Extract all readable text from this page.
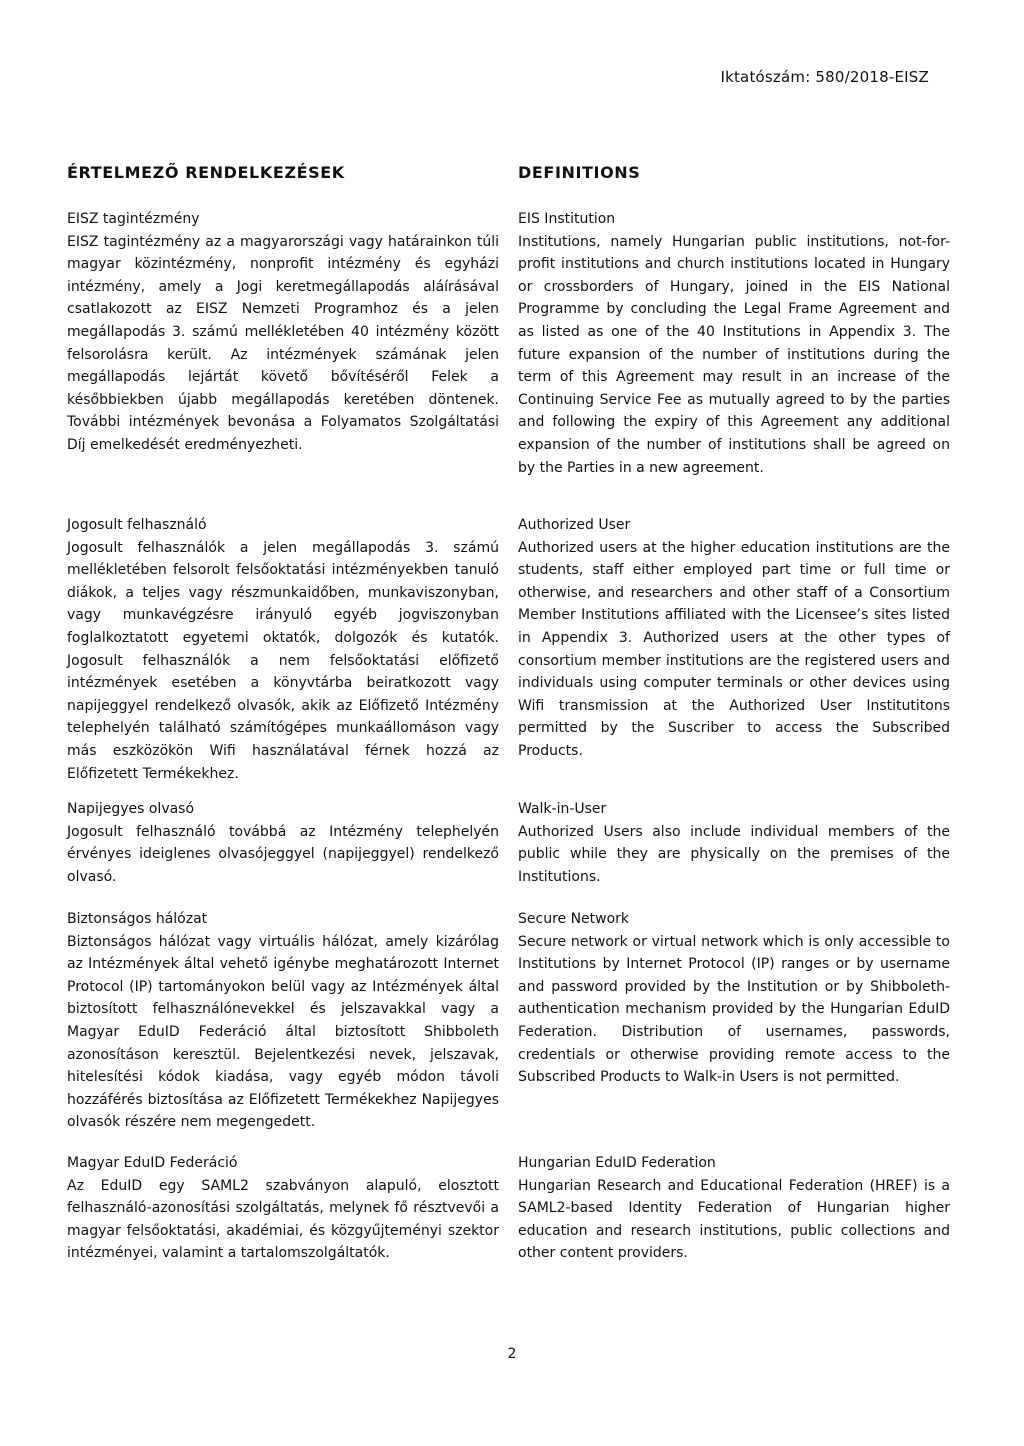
Iktatószám: 580/2018-EISZ
ÉRTELMEZŐ RENDELKEZÉSEK
EISZ tagintézmény
EISZ tagintézmény az a magyarországi vagy határainkon túli magyar közintézmény, nonprofit intézmény és egyházi intézmény, amely a Jogi keretmegállapodás aláírásával csatlakozott az EISZ Nemzeti Programhoz és a jelen megállapodás 3. számú mellékletében 40 intézmény között felsorolásra került. Az intézmények számának jelen megállapodás lejártát követő bővítéséről Felek a későbbiekben újabb megállapodás keretében döntenek. További intézmények bevonása a Folyamatos Szolgáltatási Díj emelkedését eredményezheti.
Jogosult felhasználó
Jogosult felhasználók a jelen megállapodás 3. számú mellékletében felsorolt felsőoktatási intézményekben tanuló diákok, a teljes vagy részmunkaidőben, munkaviszonyban, vagy munkavégzésre irányuló egyéb jogviszonyban foglalkoztatott egyetemi oktatók, dolgozók és kutatók. Jogosult felhasználók a nem felsőoktatási előfizető intézmények esetében a könyvtárba beiratkozott vagy napijeggyel rendelkező olvasók, akik az Előfizető Intézmény telephelyén található számítógépes munkaállomáson vagy más eszközökön Wifi használatával férnek hozzá az Előfizetett Termékekhez.
Napijegyes olvasó
Jogosult felhasználó továbbá az Intézmény telephelyén érvényes ideiglenes olvasójeggyel (napijeggyel) rendelkező olvasó.
Biztonságos hálózat
Biztonságos hálózat vagy virtuális hálózat, amely kizárólag az Intézmények által vehető igénybe meghatározott Internet Protocol (IP) tartományokon belül vagy az Intézmények által biztosított felhasználónevekkel és jelszavakkal vagy a Magyar EduID Federáció által biztosított Shibboleth azonosításon keresztül. Bejelentkezési nevek, jelszavak, hitelesítési kódok kiadása, vagy egyéb módon távoli hozzáférés biztosítása az Előfizetett Termékekhez Napijegyes olvasók részére nem megengedett.
Magyar EduID Federáció
Az EduID egy SAML2 szabványon alapuló, elosztott felhasználó-azonosítási szolgáltatás, melynek fő résztvevői a magyar felsőoktatási, akadémiai, és közgyűjteményi szektor intézményei, valamint a tartalomszolgáltatók.
DEFINITIONS
EIS Institution
Institutions, namely Hungarian public institutions, not-for-profit institutions and church institutions located in Hungary or crossborders of Hungary, joined in the EIS National Programme by concluding the Legal Frame Agreement and as listed as one of the 40 Institutions in Appendix 3. The future expansion of the number of institutions during the term of this Agreement may result in an increase of the Continuing Service Fee as mutually agreed to by the parties and following the expiry of this Agreement any additional expansion of the number of institutions shall be agreed on by the Parties in a new agreement.
Authorized User
Authorized users at the higher education institutions are the students, staff either employed part time or full time or otherwise, and researchers and other staff of a Consortium Member Institutions affiliated with the Licensee’s sites listed in Appendix 3. Authorized users at the other types of consortium member institutions are the registered users and individuals using computer terminals or other devices using Wifi transmission at the Authorized User Institutitons permitted by the Suscriber to access the Subscribed Products.
Walk-in-User
Authorized Users also include individual members of the public while they are physically on the premises of the Institutions.
Secure Network
Secure network or virtual network which is only accessible to Institutions by Internet Protocol (IP) ranges or by username and password provided by the Institution or by Shibboleth-authentication mechanism provided by the Hungarian EduID Federation. Distribution of usernames, passwords, credentials or otherwise providing remote access to the Subscribed Products to Walk-in Users is not permitted.
Hungarian EduID Federation
Hungarian Research and Educational Federation (HREF) is a SAML2-based Identity Federation of Hungarian higher education and research institutions, public collections and other content providers.
2
